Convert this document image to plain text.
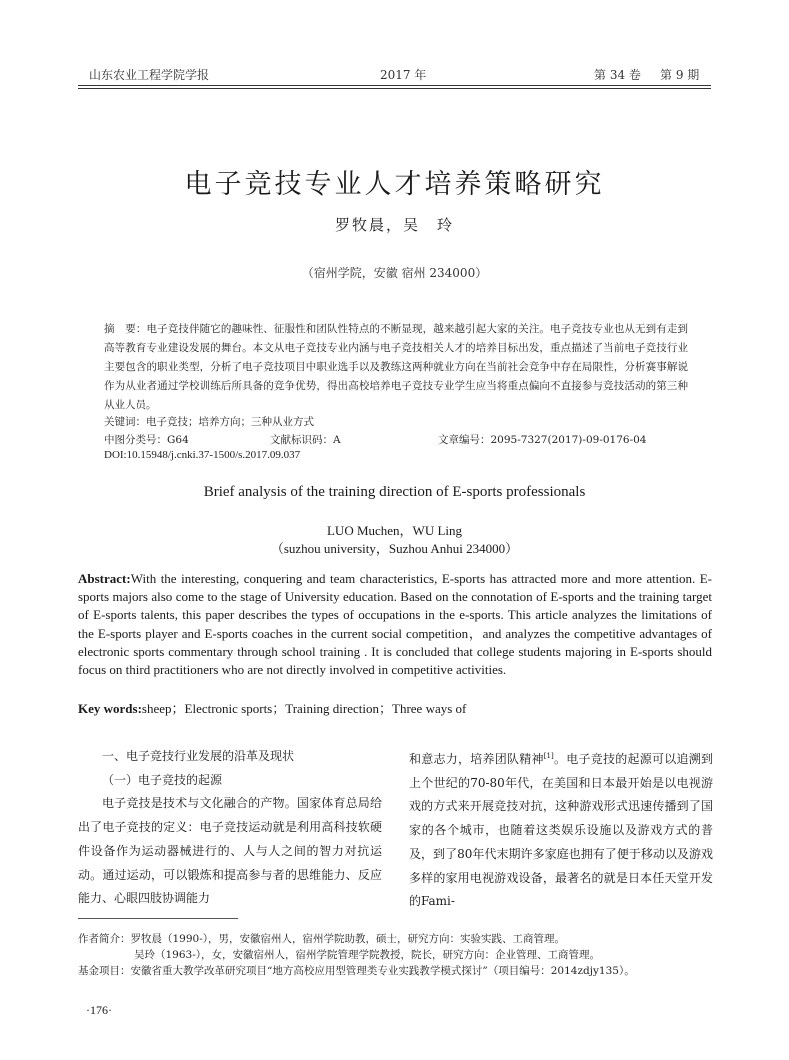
山东农业工程学院学报	2017 年	第 34 卷 第 9 期
电子竞技专业人才培养策略研究
罗牧晨，吴　玲
（宿州学院，安徽 宿州 234000）
摘　要：电子竞技伴随它的趣味性、征服性和团队性特点的不断显现，越来越引起大家的关注。电子竞技专业也从无到有走到高等教育专业建设发展的舞台。本文从电子竞技专业内涵与电子竞技相关人才的培养目标出发，重点描述了当前电子竞技行业主要包含的职业类型，分析了电子竞技项目中职业选手以及教练这两种就业方向在当前社会竞争中存在局限性，分析赛事解说作为从业者通过学校训练后所具备的竞争优势，得出高校培养电子竞技专业学生应当将重点偏向不直接参与竞技活动的第三种从业人员。
关键词：电子竞技；培养方向；三种从业方式
中图分类号：G64	文献标识码：A	文章编号：2095-7327(2017)-09-0176-04
DOI:10.15948/j.cnki.37-1500/s.2017.09.037
Brief analysis of the training direction of E-sports professionals
LUO Muchen，WU Ling
（suzhou university，Suzhou Anhui 234000）
Abstract:With the interesting, conquering and team characteristics, E-sports has attracted more and more attention. E-sports majors also come to the stage of University education. Based on the connotation of E-sports and the training target of E-sports talents, this paper describes the types of occupations in the e-sports. This article analyzes the limitations of the E-sports player and E-sports coaches in the current social competition，and analyzes the competitive advantages of electronic sports commentary through school training . It is concluded that college students majoring in E-sports should focus on third practitioners who are not directly involved in competitive activities.
Key words:sheep；Electronic sports；Training direction；Three ways of

一、电子竞技行业发展的沿革及现状

（一）电子竞技的起源

电子竞技是技术与文化融合的产物。国家体育总局给出了电子竞技的定义：电子竞技运动就是利用高科技软硬件设备作为运动器械进行的、人与人之间的智力对抗运动。通过运动，可以锻炼和提高参与者的思维能力、反应能力、心眼四肢协调能力

和意志力，培养团队精神[1]。电子竞技的起源可以追溯到上个世纪的70-80年代，在美国和日本最开始是以电视游戏的方式来开展竞技对抗，这种游戏形式迅速传播到了国家的各个城市，也随着这类娱乐设施以及游戏方式的普及，到了80年代末期许多家庭也拥有了便于移动以及游戏多样的家用电视游戏设备，最著名的就是日本任天堂开发的Fami-

作者简介：罗牧晨（1990-），男，安徽宿州人，宿州学院助教，硕士，研究方向：实验实践、工商管理。
吴玲（1963-），女，安徽宿州人，宿州学院管理学院教授，院长，研究方向：企业管理、工商管理。
基金项目：安徽省重大教学改革研究项目“地方高校应用型管理类专业实践教学模式探讨”（项目编号：2014zdjy135）。
·176·
